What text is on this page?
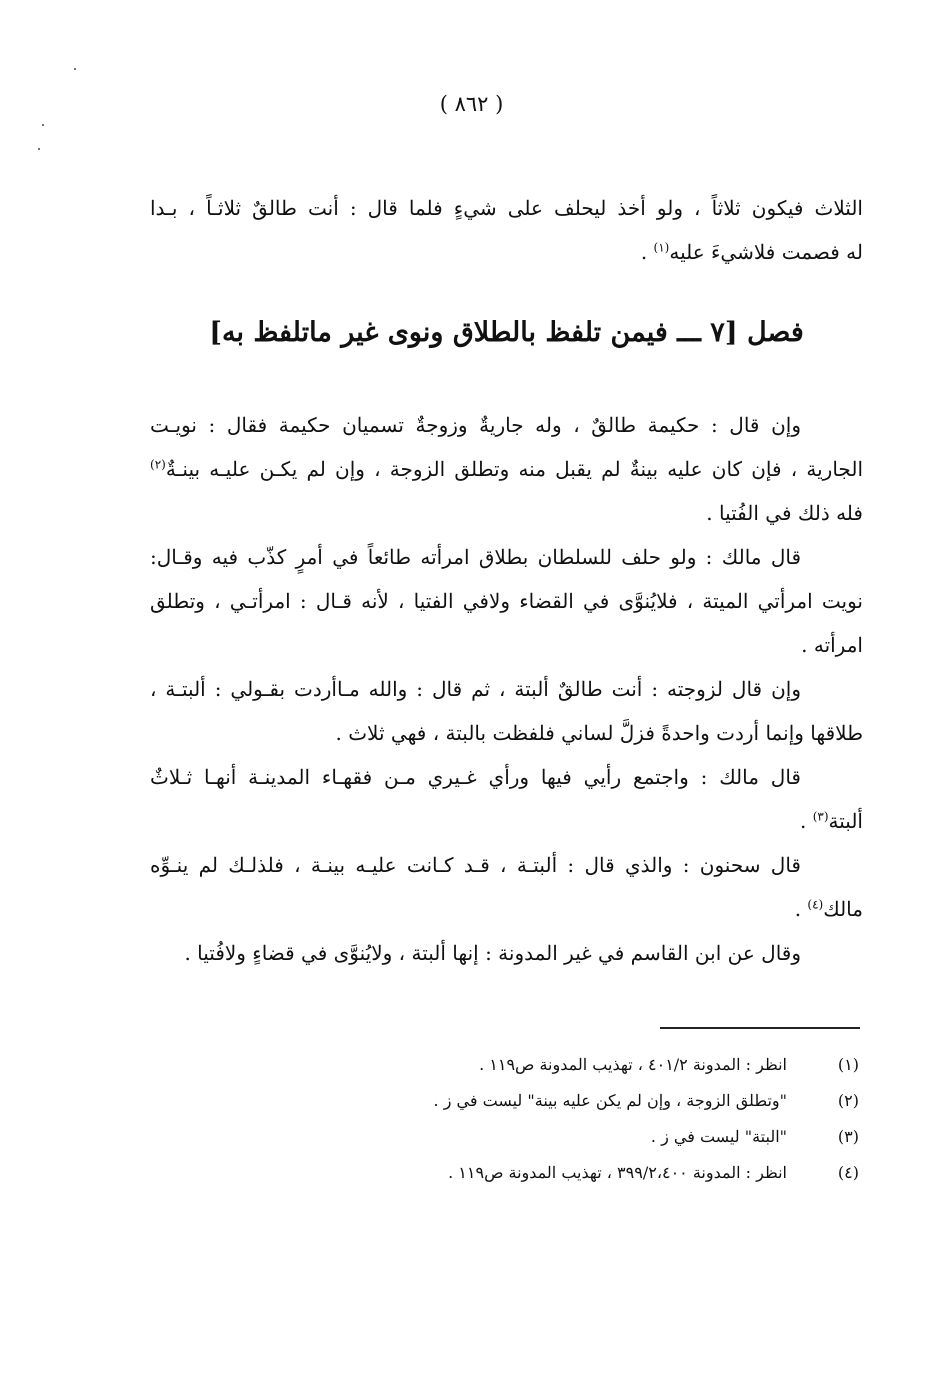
( ٨٦٢ )
الثلاث فيكون ثلاثاً ، ولو أخذ ليحلف على شيءٍ فلما قال : أنت طالقٌ ثلاثـاً ، بـدا
له فصمت فلاشيءَ عليه$^{(١)}$ .
فصل [٧ ـــ فيمن تلفظ بالطلاق ونوى غير ماتلفظ به]
وإن قال : حكيمة طالقٌ ، وله جاريةٌ وزوجةٌ تسميان حكيمة فقال : نويـت
الجارية ، فإن كان عليه بينةٌ لم يقبل منه وتطلق الزوجة ، وإن لم يكـن عليـه بينـةٌ$^{(٢)}$
فله ذلك في الفُتيا .
قال مالك : ولو حلف للسلطان بطلاق امرأته طائعاً في أمرٍ كذّب فيه وقـال:
نويت امرأتي الميتة ، فلايُنوَّى في القضاء ولافي الفتيا ، لأنه قـال : امرأتـي ، وتطلق
امرأته .
وإن قال لزوجته : أنت طالقٌ ألبتة ، ثم قال : والله مـاأردت بقـولي : ألبتـة ،
طلاقها وإنما أردت واحدةً فزلَّ لساني فلفظت بالبتة ، فهي ثلاث .
قال مالك : واجتمع رأيي فيها ورأي غـيري مـن فقهـاء المدينـة أنهـا ثـلاثٌ
ألبتة$^{(٣)}$ .
قال سحنون : والذي قال : ألبتـة ، قـد كـانت عليـه بينـة ، فلذلـك لم ينـوِّه
مالك$^{(٤)}$ .
وقال عن ابن القاسم في غير المدونة : إنها ألبتة ، ولايُنوَّى في قضاءٍ ولافُتيا .
(١)
انظر : المدونة ٤٠١/٢ ، تهذيب المدونة ص١١٩ .
(٢)
"وتطلق الزوجة ، وإن لم يكن عليه بينة" ليست في ز .
(٣)
"البتة" ليست في ز .
(٤)
انظر : المدونة ٣٩٩/٢،٤٠٠ ، تهذيب المدونة ص١١٩ .
